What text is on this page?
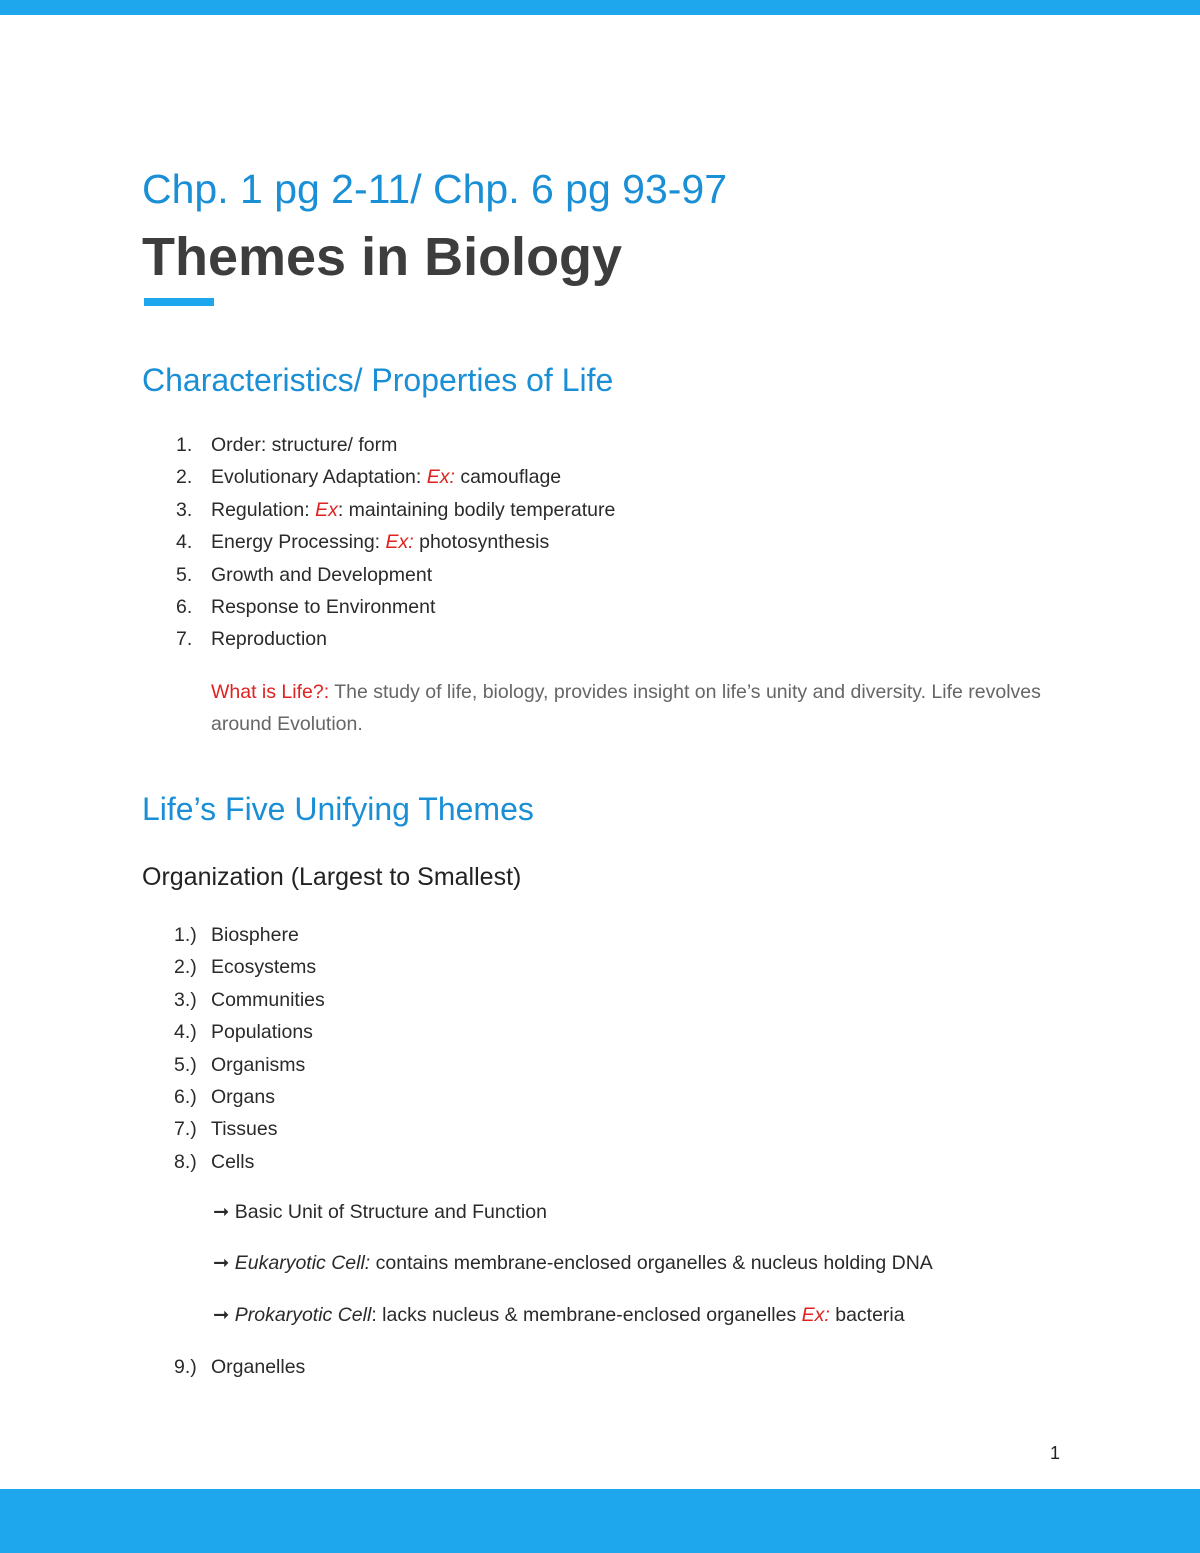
Chp. 1 pg 2-11/ Chp. 6 pg 93-97
Themes in Biology
Characteristics/ Properties of Life
1. Order: structure/ form
2. Evolutionary Adaptation: Ex: camouflage
3. Regulation: Ex: maintaining bodily temperature
4. Energy Processing: Ex: photosynthesis
5. Growth and Development
6. Response to Environment
7. Reproduction
What is Life?: The study of life, biology, provides insight on life’s unity and diversity. Life revolves around Evolution.
Life’s Five Unifying Themes
Organization (Largest to Smallest)
1.) Biosphere
2.) Ecosystems
3.) Communities
4.) Populations
5.) Organisms
6.) Organs
7.) Tissues
8.) Cells
➞ Basic Unit of Structure and Function
➞ Eukaryotic Cell: contains membrane-enclosed organelles & nucleus holding DNA
➞ Prokaryotic Cell: lacks nucleus & membrane-enclosed organelles Ex: bacteria
9.) Organelles
1
